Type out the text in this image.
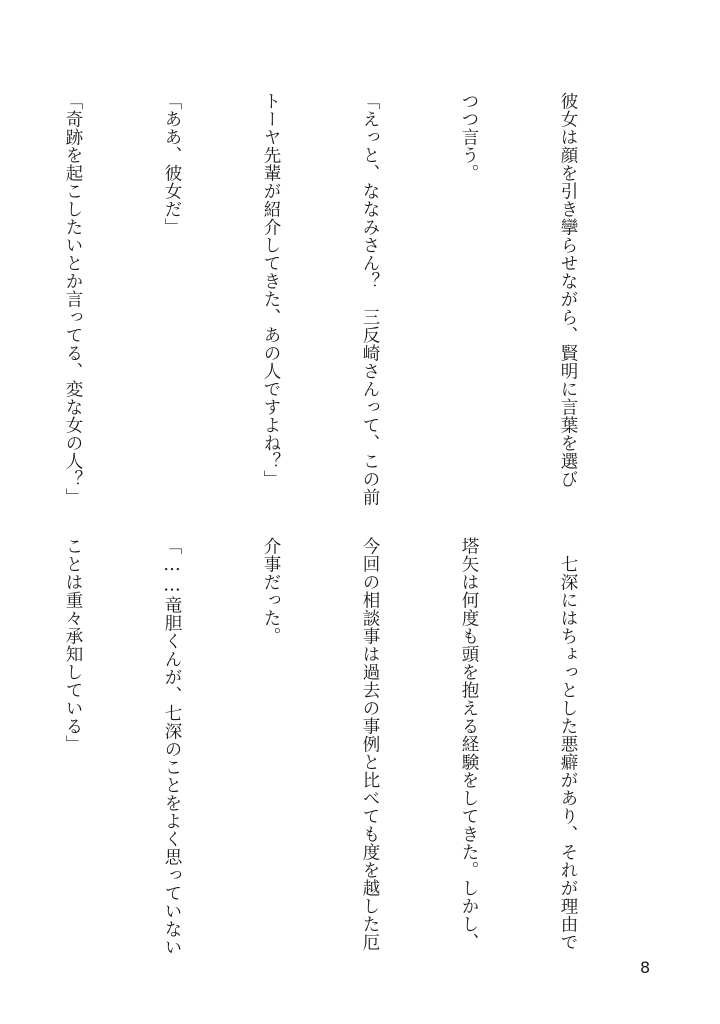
彼女は顔を引き攣らせながら、賢明に言葉を選び

つつ言う。

「えっと、ななみさん？　三反崎さんって、この前

トーヤ先輩が紹介してきた、あの人ですよね？」

「ああ、彼女だ」

「奇跡を起こしたいとか言ってる、変な女の人？」

　七深にはちょっとした悪癖があり、それが理由で

塔矢は何度も頭を抱える経験をしてきた。しかし、

今回の相談事は過去の事例と比べても度を越した厄

介事だった。

「……竜胆くんが、七深のことをよく思っていない

ことは重々承知している」

8
